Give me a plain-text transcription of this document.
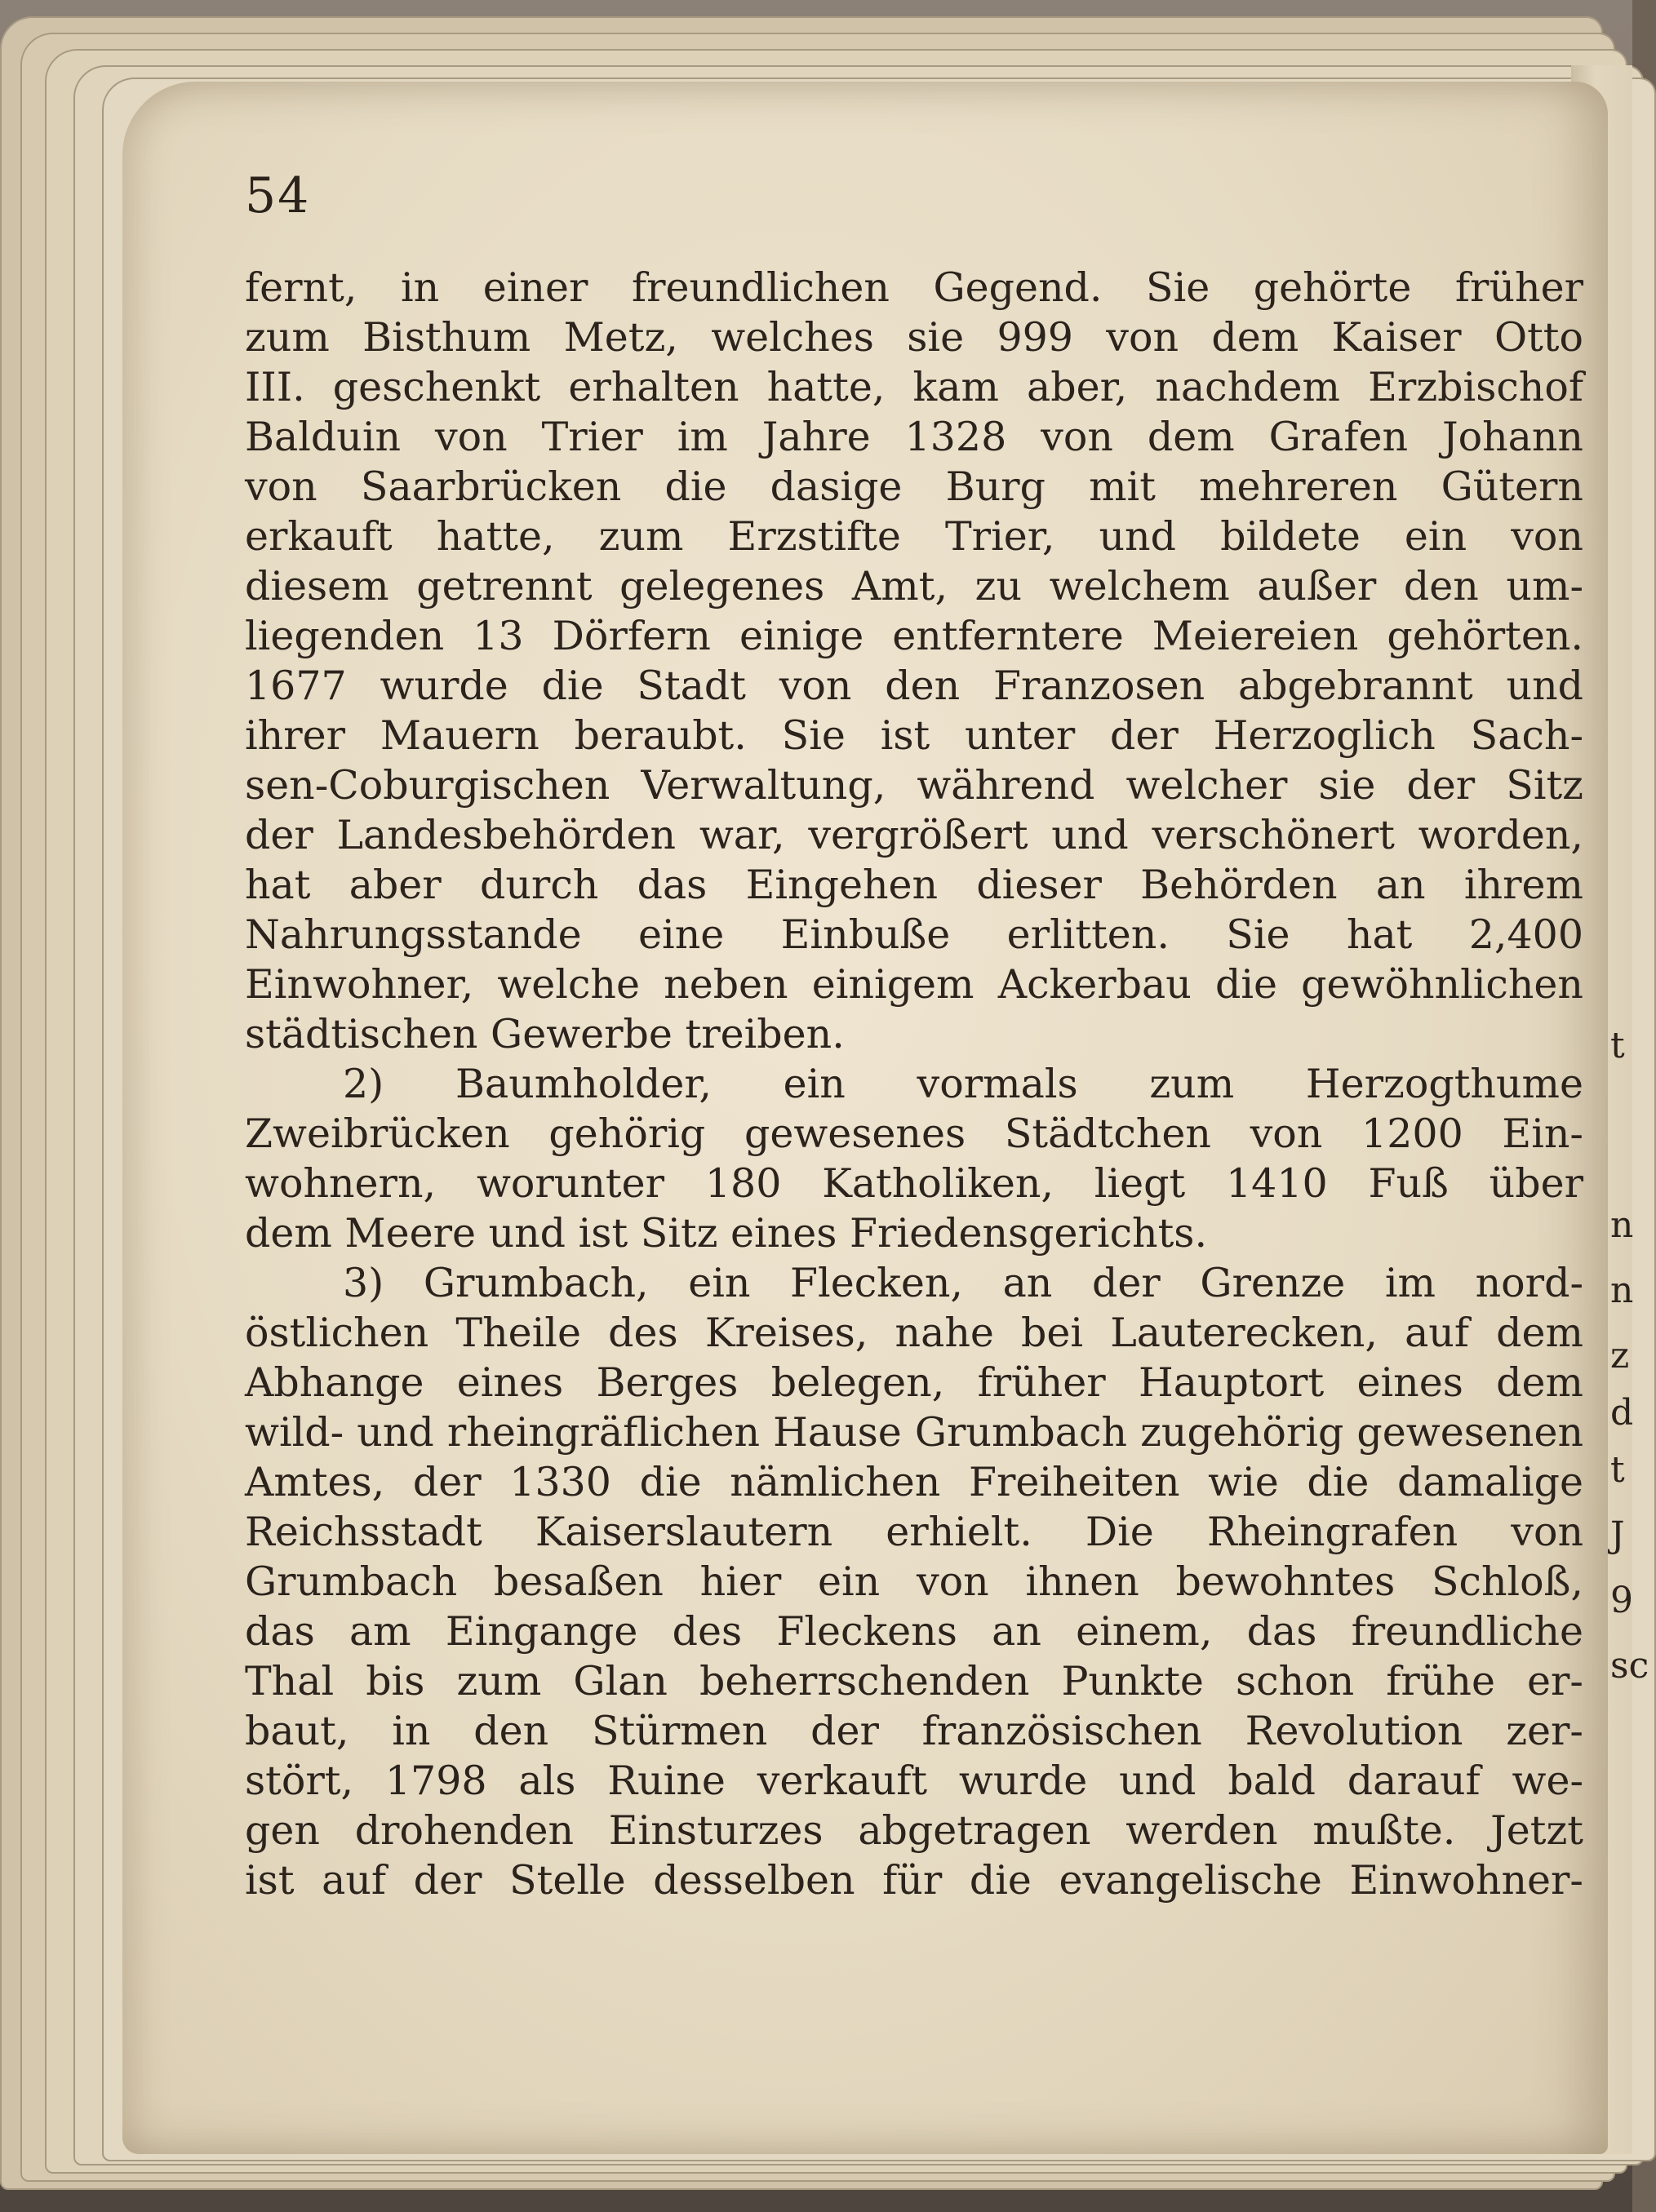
t
n
n
z
d
t
J
9
sc
54
fernt, in einer freundlichen Gegend. Sie gehörte früher
zum Bisthum Metz, welches sie 999 von dem Kaiser Otto
III. geschenkt erhalten hatte, kam aber, nachdem Erzbischof
Balduin von Trier im Jahre 1328 von dem Grafen Johann
von Saarbrücken die dasige Burg mit mehreren Gütern
erkauft hatte, zum Erzstifte Trier, und bildete ein von
diesem getrennt gelegenes Amt, zu welchem außer den um-
liegenden 13 Dörfern einige entferntere Meiereien gehörten.
1677 wurde die Stadt von den Franzosen abgebrannt und
ihrer Mauern beraubt. Sie ist unter der Herzoglich Sach-
sen-Coburgischen Verwaltung, während welcher sie der Sitz
der Landesbehörden war, vergrößert und verschönert worden,
hat aber durch das Eingehen dieser Behörden an ihrem
Nahrungsstande eine Einbuße erlitten. Sie hat 2,400
Einwohner, welche neben einigem Ackerbau die gewöhnlichen
städtischen Gewerbe treiben.
2) Baumholder, ein vormals zum Herzogthume
Zweibrücken gehörig gewesenes Städtchen von 1200 Ein-
wohnern, worunter 180 Katholiken, liegt 1410 Fuß über
dem Meere und ist Sitz eines Friedensgerichts.
3) Grumbach, ein Flecken, an der Grenze im nord-
östlichen Theile des Kreises, nahe bei Lauterecken, auf dem
Abhange eines Berges belegen, früher Hauptort eines dem
wild- und rheingräflichen Hause Grumbach zugehörig gewesenen
Amtes, der 1330 die nämlichen Freiheiten wie die damalige
Reichsstadt Kaiserslautern erhielt. Die Rheingrafen von
Grumbach besaßen hier ein von ihnen bewohntes Schloß,
das am Eingange des Fleckens an einem, das freundliche
Thal bis zum Glan beherrschenden Punkte schon frühe er-
baut, in den Stürmen der französischen Revolution zer-
stört, 1798 als Ruine verkauft wurde und bald darauf we-
gen drohenden Einsturzes abgetragen werden mußte. Jetzt
ist auf der Stelle desselben für die evangelische Einwohner-
